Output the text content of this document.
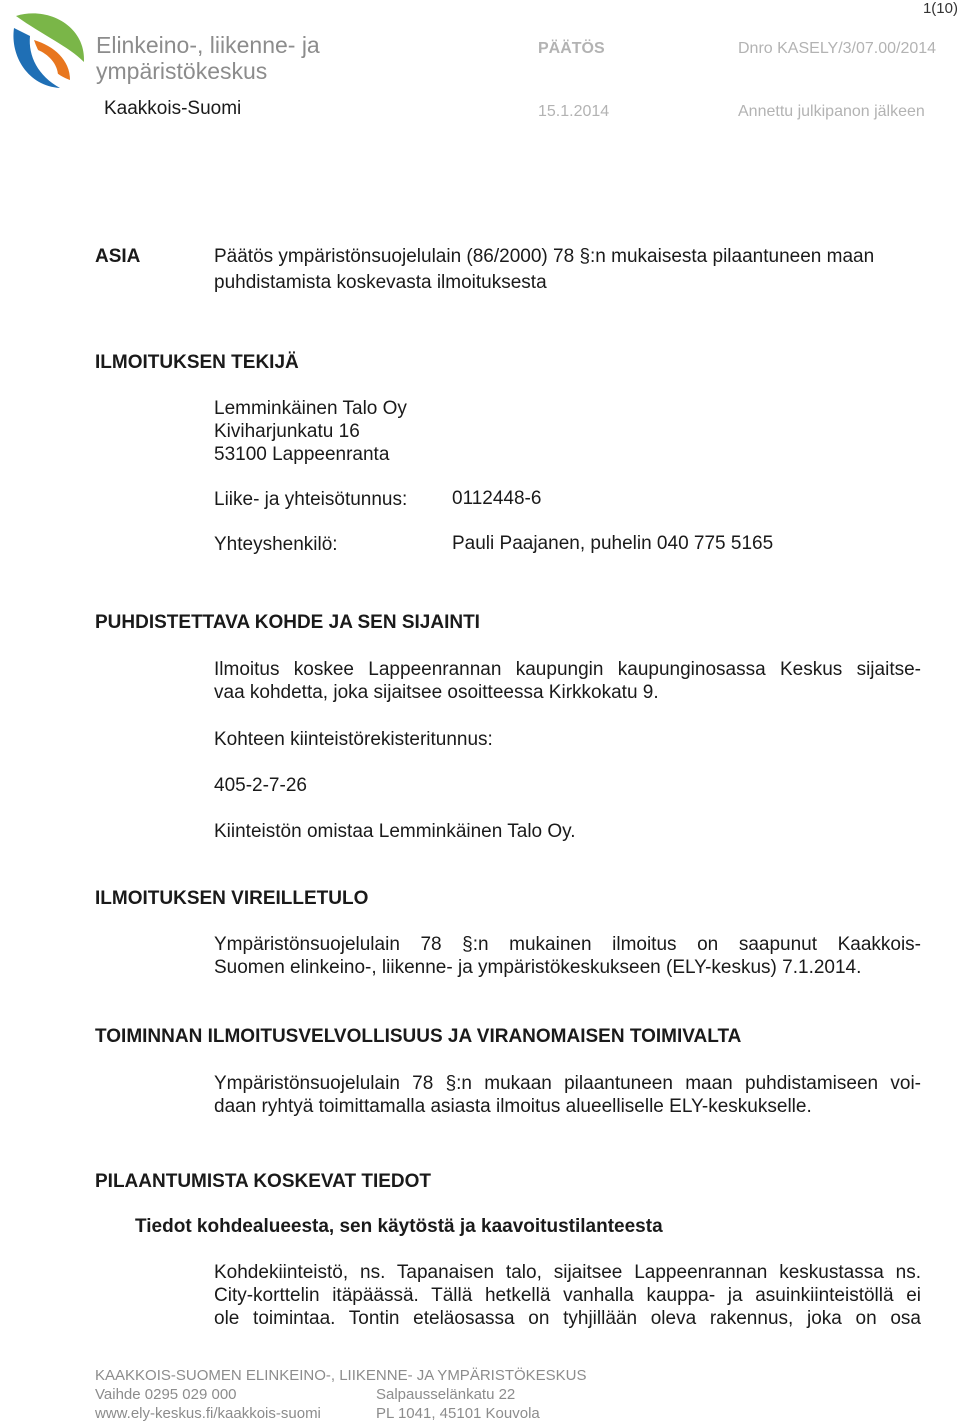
Elinkeino-, liikenne- ja
ympäristökeskus
Kaakkois-Suomi
1(10)
PÄÄTÖS	Dnro KASELY/3/07.00/2014
15.1.2014	Annettu julkipanon jälkeen
ASIA	Päätös ympäristönsuojelulain (86/2000) 78 §:n mukaisesta pilaantuneen maan
puhdistamista koskevasta ilmoituksesta
ILMOITUKSEN TEKIJÄ
Lemminkäinen Talo Oy
Kiviharjunkatu 16
53100 Lappeenranta
Liike- ja yhteisötunnus: 0112448-6
Yhteyshenkilö:	Pauli Paajanen, puhelin 040 775 5165
PUHDISTETTAVA KOHDE JA SEN SIJAINTI
Ilmoitus koskee Lappeenrannan kaupungin kaupunginosassa Keskus sijaitse-
vaa kohdetta, joka sijaitsee osoitteessa Kirkkokatu 9.
Kohteen kiinteistörekisteritunnus:
405-2-7-26
Kiinteistön omistaa Lemminkäinen Talo Oy.
ILMOITUKSEN VIREILLETULO
Ympäristönsuojelulain 78 §:n mukainen ilmoitus on saapunut Kaakkois-
Suomen elinkeino-, liikenne- ja ympäristökeskukseen (ELY-keskus) 7.1.2014.
TOIMINNAN ILMOITUSVELVOLLISUUS JA VIRANOMAISEN TOIMIVALTA
Ympäristönsuojelulain 78 §:n mukaan pilaantuneen maan puhdistamiseen voi-
daan ryhtyä toimittamalla asiasta ilmoitus alueelliselle ELY-keskukselle.
PILAANTUMISTA KOSKEVAT TIEDOT
Tiedot kohdealueesta, sen käytöstä ja kaavoitustilanteesta
Kohdekiinteistö, ns. Tapanaisen talo, sijaitsee Lappeenrannan keskustassa ns.
City-korttelin itäpäässä. Tällä hetkellä vanhalla kauppa- ja asuinkiinteistöllä ei
ole toimintaa. Tontin eteläosassa on tyhjillään oleva rakennus, joka on osa
KAAKKOIS-SUOMEN ELINKEINO-, LIIKENNE- JA YMPÄRISTÖKESKUS
Vaihde 0295 029 000
www.ely-keskus.fi/kaakkois-suomi
Salpausselänkatu 22
PL 1041, 45101 Kouvola
